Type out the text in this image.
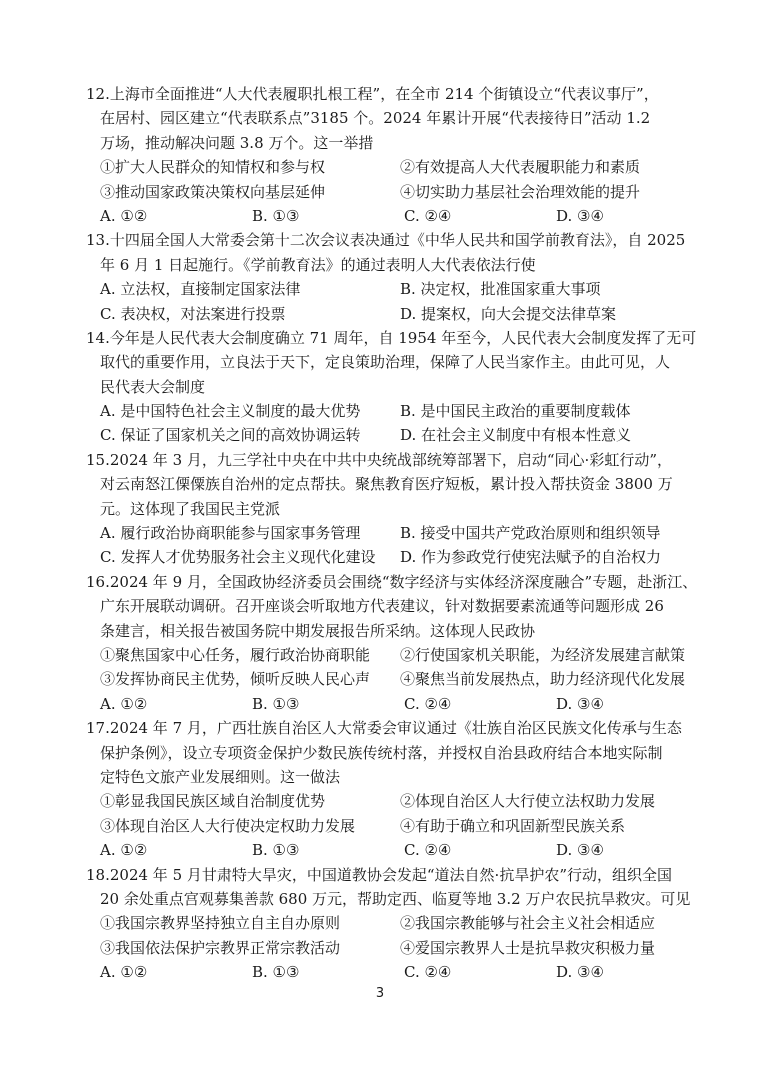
12.上海市全面推进“人大代表履职扎根工程”，在全市 214 个街镇设立“代表议事厅”，
在居村、园区建立“代表联系点”3185 个。2024 年累计开展“代表接待日”活动 1.2
万场，推动解决问题 3.8 万个。这一举措
①扩大人民群众的知情权和参与权	②有效提高人大代表履职能力和素质
③推动国家政策决策权向基层延伸	④切实助力基层社会治理效能的提升
A. ①②	B. ①③	C. ②④	D. ③④
13.十四届全国人大常委会第十二次会议表决通过《中华人民共和国学前教育法》，自 2025
年 6 月 1 日起施行。《学前教育法》的通过表明人大代表依法行使
A. 立法权，直接制定国家法律	B. 决定权，批准国家重大事项
C. 表决权，对法案进行投票	D. 提案权，向大会提交法律草案
14.今年是人民代表大会制度确立 71 周年，自 1954 年至今，人民代表大会制度发挥了无可
取代的重要作用，立良法于天下，定良策助治理，保障了人民当家作主。由此可见，人
民代表大会制度
A. 是中国特色社会主义制度的最大优势	B. 是中国民主政治的重要制度载体
C. 保证了国家机关之间的高效协调运转	D. 在社会主义制度中有根本性意义
15.2024 年 3 月，九三学社中央在中共中央统战部统筹部署下，启动“同心·彩虹行动”，
对云南怒江傈僳族自治州的定点帮扶。聚焦教育医疗短板，累计投入帮扶资金 3800 万
元。这体现了我国民主党派
A. 履行政治协商职能参与国家事务管理	B. 接受中国共产党政治原则和组织领导
C. 发挥人才优势服务社会主义现代化建设	D. 作为参政党行使宪法赋予的自治权力
16.2024 年 9 月，全国政协经济委员会围绕“数字经济与实体经济深度融合”专题，赴浙江、
广东开展联动调研。召开座谈会听取地方代表建议，针对数据要素流通等问题形成 26
条建言，相关报告被国务院中期发展报告所采纳。这体现人民政协
①聚焦国家中心任务，履行政治协商职能	②行使国家机关职能，为经济发展建言献策
③发挥协商民主优势，倾听反映人民心声	④聚焦当前发展热点，助力经济现代化发展
A. ①②	B. ①③	C. ②④	D. ③④
17.2024 年 7 月，广西壮族自治区人大常委会审议通过《壮族自治区民族文化传承与生态
保护条例》，设立专项资金保护少数民族传统村落，并授权自治县政府结合本地实际制
定特色文旅产业发展细则。这一做法
①彰显我国民族区域自治制度优势	②体现自治区人大行使立法权助力发展
③体现自治区人大行使决定权助力发展	④有助于确立和巩固新型民族关系
A. ①②	B. ①③	C. ②④	D. ③④
18.2024 年 5 月甘肃特大旱灾，中国道教协会发起“道法自然·抗旱护农”行动，组织全国
20 余处重点宫观募集善款 680 万元，帮助定西、临夏等地 3.2 万户农民抗旱救灾。可见
①我国宗教界坚持独立自主自办原则	②我国宗教能够与社会主义社会相适应
③我国依法保护宗教界正常宗教活动	④爱国宗教界人士是抗旱救灾积极力量
A. ①②	B. ①③	C. ②④	D. ③④
3
